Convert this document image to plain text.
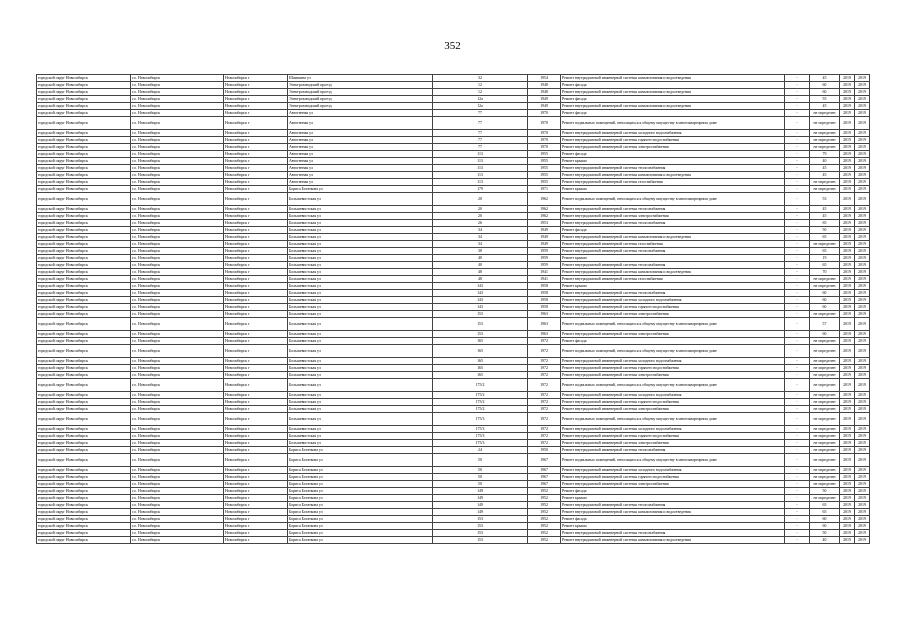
352
городской округ Новосибирск	г.о. Новосибирск	Новосибирск г	Шамшина ул	32	1954	Ремонт внутридомовой инженерной системы канализования и водоотведения	-	45	2019	2019
городской округ Новосибирск	г.о. Новосибирск	Новосибирск г	Электрозаводский проезд	12	1948	Ремонт фасада	-	60	2019	2019
городской округ Новосибирск	г.о. Новосибирск	Новосибирск г	Электрозаводский проезд	12	1948	Ремонт внутридомовой инженерной системы канализования и водоотведения	-	60	2019	2019
городской округ Новосибирск	г.о. Новосибирск	Новосибирск г	Электрозаводский проезд	12а	1949	Ремонт фасада	-	55	2019	2019
городской округ Новосибирск	г.о. Новосибирск	Новосибирск г	Электрозаводский проезд	12а	1949	Ремонт внутридомовой инженерной системы канализования и водоотведения	-	45	2019	2019
городской округ Новосибирск	г.о. Новосибирск	Новосибирск г	Автогенная ул	77	1970	Ремонт фасада	-	не определен	2019	2019
городской округ Новосибирск	г.о. Новосибирск	Новосибирск г	Автогенная ул	77	1970	Ремонт подвальных помещений, относящихся к общему имуществу в многоквартирном доме	-	не определен	2019	2019
городской округ Новосибирск	г.о. Новосибирск	Новосибирск г	Автогенная ул	77	1970	Ремонт внутридомовой инженерной системы холодного водоснабжения	-	не определен	2019	2019
городской округ Новосибирск	г.о. Новосибирск	Новосибирск г	Автогенная ул	77	1970	Ремонт внутридомовой инженерной системы горячего водоснабжения	-	не определен	2019	2019
городской округ Новосибирск	г.о. Новосибирск	Новосибирск г	Автогенная ул	77	1970	Ремонт внутридомовой инженерной системы электроснабжения	-	не определен	2019	2019
городской округ Новосибирск	г.о. Новосибирск	Новосибирск г	Автогенная ул	113	1955	Ремонт фасада	-	79	2019	2019
городской округ Новосибирск	г.о. Новосибирск	Новосибирск г	Автогенная ул	113	1955	Ремонт крыши	-	40	2019	2019
городской округ Новосибирск	г.о. Новосибирск	Новосибирск г	Автогенная ул	113	1955	Ремонт внутридомовой инженерной системы теплоснабжения	-	45	2019	2019
городской округ Новосибирск	г.о. Новосибирск	Новосибирск г	Автогенная ул	113	1955	Ремонт внутридомовой инженерной системы канализования и водоотведения	-	45	2019	2019
городской округ Новосибирск	г.о. Новосибирск	Новосибирск г	Автогенная ул	113	1955	Ремонт внутридомовой инженерной системы газоснабжения	-	не определен	2019	2019
городской округ Новосибирск	г.о. Новосибирск	Новосибирск г	Бориса Богаткова ул	179	1971	Ремонт крыши	-	не определен	2019	2019
городской округ Новосибирск	г.о. Новосибирск	Новосибирск г	Большевистская ул	20	1962	Ремонт подвальных помещений, относящихся к общему имуществу в многоквартирном доме	-	53	2019	2019
городской округ Новосибирск	г.о. Новосибирск	Новосибирск г	Большевистская ул	20	1962	Ремонт внутридомовой инженерной системы теплоснабжения	-	45	2019	2019
городской округ Новосибирск	г.о. Новосибирск	Новосибирск г	Большевистская ул	20	1962	Ремонт внутридомовой инженерной системы электроснабжения	-	45	2019	2019
городской округ Новосибирск	г.о. Новосибирск	Новосибирск г	Большевистская ул	26	1953	Ремонт внутридомовой инженерной системы теплоснабжения	-	65	2019	2019
городской округ Новосибирск	г.о. Новосибирск	Новосибирск г	Большевистская ул	34	1949	Ремонт фасада	-	50	2019	2019
городской округ Новосибирск	г.о. Новосибирск	Новосибирск г	Большевистская ул	34	1949	Ремонт внутридомовой инженерной системы канализования и водоотведения	-	65	2019	2019
городской округ Новосибирск	г.о. Новосибирск	Новосибирск г	Большевистская ул	34	1949	Ремонт внутридомовой инженерной системы газоснабжения	-	не определен	2019	2019
городской округ Новосибирск	г.о. Новосибирск	Новосибирск г	Большевистская ул	38	1959	Ремонт внутридомовой инженерной системы теплоснабжения	-	65	2019	2019
городской округ Новосибирск	г.о. Новосибирск	Новосибирск г	Большевистская ул	40	1959	Ремонт крыши	-	19	2019	2019
городской округ Новосибирск	г.о. Новосибирск	Новосибирск г	Большевистская ул	40	1959	Ремонт внутридомовой инженерной системы теплоснабжения	-	65	2019	2019
городской округ Новосибирск	г.о. Новосибирск	Новосибирск г	Большевистская ул	48	1941	Ремонт внутридомовой инженерной системы канализования и водоотведения	-	70	2019	2019
городской округ Новосибирск	г.о. Новосибирск	Новосибирск г	Большевистская ул	48	1941	Ремонт внутридомовой инженерной системы газоснабжения	-	не определен	2019	2019
городской округ Новосибирск	г.о. Новосибирск	Новосибирск г	Большевистская ул	143	1958	Ремонт крыши	-	не определен	2019	2019
городской округ Новосибирск	г.о. Новосибирск	Новосибирск г	Большевистская ул	143	1958	Ремонт внутридомовой инженерной системы теплоснабжения	-	60	2019	2019
городской округ Новосибирск	г.о. Новосибирск	Новосибирск г	Большевистская ул	143	1958	Ремонт внутридомовой инженерной системы холодного водоснабжения	-	60	2019	2019
городской округ Новосибирск	г.о. Новосибирск	Новосибирск г	Большевистская ул	143	1958	Ремонт внутридомовой инженерной системы горячего водоснабжения	-	60	2019	2019
городской округ Новосибирск	г.о. Новосибирск	Новосибирск г	Большевистская ул	153	1963	Ремонт внутридомовой инженерной системы электроснабжения	-	не определен	2019	2019
городской округ Новосибирск	г.о. Новосибирск	Новосибирск г	Большевистская ул	153	1963	Ремонт подвальных помещений, относящихся к общему имуществу в многоквартирном доме	-	57	2019	2019
городской округ Новосибирск	г.о. Новосибирск	Новосибирск г	Большевистская ул	153	1963	Ремонт внутридомовой инженерной системы электроснабжения	-	60	2019	2019
городской округ Новосибирск	г.о. Новосибирск	Новосибирск г	Большевистская ул	165	1972	Ремонт фасада	-	не определен	2019	2019
городской округ Новосибирск	г.о. Новосибирск	Новосибирск г	Большевистская ул	165	1972	Ремонт подвальных помещений, относящихся к общему имуществу в многоквартирном доме	-	не определен	2019	2019
городской округ Новосибирск	г.о. Новосибирск	Новосибирск г	Большевистская ул	165	1972	Ремонт внутридомовой инженерной системы холодного водоснабжения	-	не определен	2019	2019
городской округ Новосибирск	г.о. Новосибирск	Новосибирск г	Большевистская ул	165	1972	Ремонт внутридомовой инженерной системы горячего водоснабжения	-	не определен	2019	2019
городской округ Новосибирск	г.о. Новосибирск	Новосибирск г	Большевистская ул	165	1972	Ремонт внутридомовой инженерной системы электроснабжения	-	не определен	2019	2019
городской округ Новосибирск	г.о. Новосибирск	Новосибирск г	Большевистская ул	175/2	1972	Ремонт подвальных помещений, относящихся к общему имуществу в многоквартирном доме	-	не определен	2019	2019
городской округ Новосибирск	г.о. Новосибирск	Новосибирск г	Большевистская ул	175/2	1972	Ремонт внутридомовой инженерной системы холодного водоснабжения	-	не определен	2019	2019
городской округ Новосибирск	г.о. Новосибирск	Новосибирск г	Большевистская ул	175/2	1972	Ремонт внутридомовой инженерной системы горячего водоснабжения	-	не определен	2019	2019
городской округ Новосибирск	г.о. Новосибирск	Новосибирск г	Большевистская ул	175/2	1972	Ремонт внутридомовой инженерной системы электроснабжения	-	не определен	2019	2019
городской округ Новосибирск	г.о. Новосибирск	Новосибирск г	Большевистская ул	175/3	1972	Ремонт подвальных помещений, относящихся к общему имуществу в многоквартирном доме	-	не определен	2019	2019
городской округ Новосибирск	г.о. Новосибирск	Новосибирск г	Большевистская ул	175/3	1972	Ремонт внутридомовой инженерной системы холодного водоснабжения	-	не определен	2019	2019
городской округ Новосибирск	г.о. Новосибирск	Новосибирск г	Большевистская ул	175/3	1972	Ремонт внутридомовой инженерной системы горячего водоснабжения	-	не определен	2019	2019
городской округ Новосибирск	г.о. Новосибирск	Новосибирск г	Большевистская ул	175/3	1972	Ремонт внутридомовой инженерной системы электроснабжения	-	не определен	2019	2019
городской округ Новосибирск	г.о. Новосибирск	Новосибирск г	Бориса Богаткова ул	24	1950	Ремонт внутридомовой инженерной системы теплоснабжения	-	не определен	2019	2019
городской округ Новосибирск	г.о. Новосибирск	Новосибирск г	Бориса Богаткова ул	50	1967	Ремонт подвальных помещений, относящихся к общему имуществу в многоквартирном доме	-	не определен	2019	2019
городской округ Новосибирск	г.о. Новосибирск	Новосибирск г	Бориса Богаткова ул	50	1967	Ремонт внутридомовой инженерной системы холодного водоснабжения	-	не определен	2019	2019
городской округ Новосибирск	г.о. Новосибирск	Новосибирск г	Бориса Богаткова ул	50	1967	Ремонт внутридомовой инженерной системы горячего водоснабжения	-	не определен	2019	2019
городской округ Новосибирск	г.о. Новосибирск	Новосибирск г	Бориса Богаткова ул	50	1967	Ремонт внутридомовой инженерной системы электроснабжения	-	не определен	2019	2019
городской округ Новосибирск	г.о. Новосибирск	Новосибирск г	Бориса Богаткова ул	149	1952	Ремонт фасада	-	50	2019	2019
городской округ Новосибирск	г.о. Новосибирск	Новосибирск г	Бориса Богаткова ул	149	1952	Ремонт крыши	-	не определен	2019	2019
городской округ Новосибирск	г.о. Новосибирск	Новосибирск г	Бориса Богаткова ул	149	1952	Ремонт внутридомовой инженерной системы теплоснабжения	-	65	2019	2019
городской округ Новосибирск	г.о. Новосибирск	Новосибирск г	Бориса Богаткова ул	149	1952	Ремонт внутридомовой инженерной системы канализования и водоотведения	-	65	2019	2019
городской округ Новосибирск	г.о. Новосибирск	Новосибирск г	Бориса Богаткова ул	153	1952	Ремонт фасада	-	60	2019	2019
городской округ Новосибирск	г.о. Новосибирск	Новосибирск г	Бориса Богаткова ул	153	1952	Ремонт крыши	-	60	2019	2019
городской округ Новосибирск	г.о. Новосибирск	Новосибирск г	Бориса Богаткова ул	153	1952	Ремонт внутридомовой инженерной системы теплоснабжения	-	50	2019	2019
городской округ Новосибирск	г.о. Новосибирск	Новосибирск г	Бориса Богаткова ул	153	1952	Ремонт внутридомовой инженерной системы канализования и водоотведения	-	40	2019	2019
